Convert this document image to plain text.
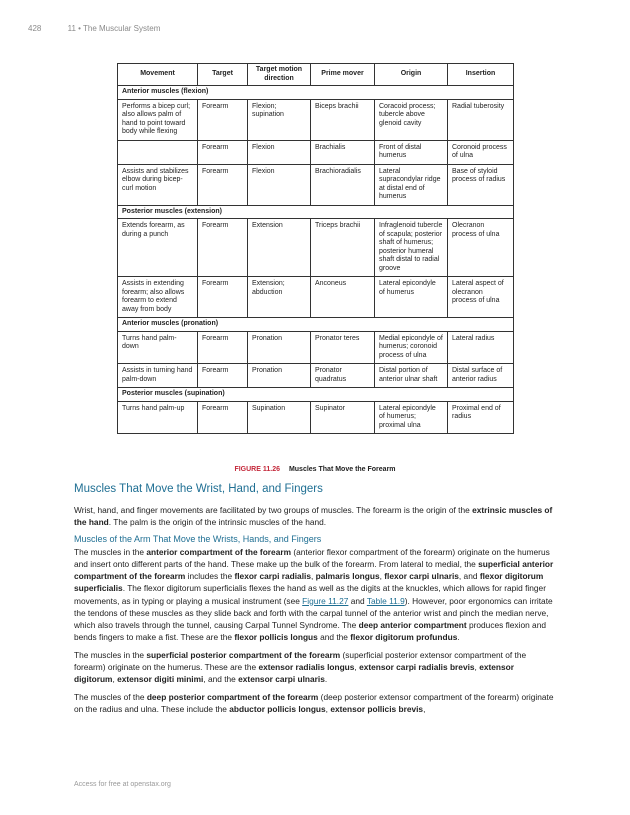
428	11 • The Muscular System
Movement	Target	Target motion direction	Prime mover	Origin	Insertion
Anterior muscles (flexion)					
Performs a bicep curl; also allows palm of hand to point toward body while flexing	Forearm	Flexion; supination	Biceps brachii	Coracoid process; tubercle above glenoid cavity	Radial tuberosity
	Forearm	Flexion	Brachialis	Front of distal humerus	Coronoid process of ulna
Assists and stabilizes elbow during bicep-curl motion	Forearm	Flexion	Brachioradialis	Lateral supracondylar ridge at distal end of humerus	Base of styloid process of radius
Posterior muscles (extension)					
Extends forearm, as during a punch	Forearm	Extension	Triceps brachii	Infraglenoid tubercle of scapula; posterior shaft of humerus; posterior humeral shaft distal to radial groove	Olecranon process of ulna
Assists in extending forearm; also allows forearm to extend away from body	Forearm	Extension; abduction	Anconeus	Lateral epicondyle of humerus	Lateral aspect of olecranon process of ulna
Anterior muscles (pronation)					
Turns hand palm-down	Forearm	Pronation	Pronator teres	Medial epicondyle of humerus; coronoid process of ulna	Lateral radius
Assists in turning hand palm-down	Forearm	Pronation	Pronator quadratus	Distal portion of anterior ulnar shaft	Distal surface of anterior radius
Posterior muscles (supination)					
Turns hand palm-up	Forearm	Supination	Supinator	Lateral epicondyle of humerus; proximal ulna	Proximal end of radius
FIGURE 11.26 Muscles That Move the Forearm
Muscles That Move the Wrist, Hand, and Fingers

Wrist, hand, and finger movements are facilitated by two groups of muscles. The forearm is the origin of the extrinsic muscles of the hand. The palm is the origin of the intrinsic muscles of the hand.

Muscles of the Arm That Move the Wrists, Hands, and Fingers

The muscles in the anterior compartment of the forearm (anterior flexor compartment of the forearm) originate on the humerus and insert onto different parts of the hand. These make up the bulk of the forearm. From lateral to medial, the superficial anterior compartment of the forearm includes the flexor carpi radialis, palmaris longus, flexor carpi ulnaris, and flexor digitorum superficialis. The flexor digitorum superficialis flexes the hand as well as the digits at the knuckles, which allows for rapid finger movements, as in typing or playing a musical instrument (see Figure 11.27 and Table 11.9). However, poor ergonomics can irritate the tendons of these muscles as they slide back and forth with the carpal tunnel of the anterior wrist and pinch the median nerve, which also travels through the tunnel, causing Carpal Tunnel Syndrome. The deep anterior compartment produces flexion and bends fingers to make a fist. These are the flexor pollicis longus and the flexor digitorum profundus.

The muscles in the superficial posterior compartment of the forearm (superficial posterior extensor compartment of the forearm) originate on the humerus. These are the extensor radialis longus, extensor carpi radialis brevis, extensor digitorum, extensor digiti minimi, and the extensor carpi ulnaris.

The muscles of the deep posterior compartment of the forearm (deep posterior extensor compartment of the forearm) originate on the radius and ulna. These include the abductor pollicis longus, extensor pollicis brevis,

Access for free at openstax.org
